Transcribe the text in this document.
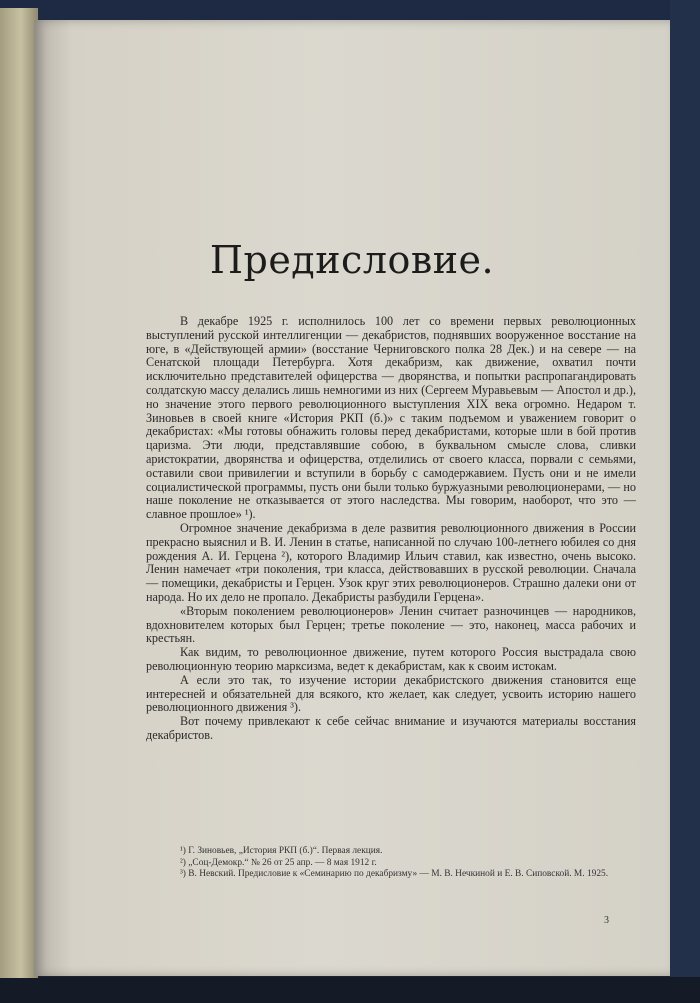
Предисловие.

В декабре 1925 г. исполнилось 100 лет со времени первых революционных выступлений русской интеллигенции — декабристов, поднявших вооруженное восстание на юге, в «Действующей армии» (восстание Черниговского полка 28 Дек.) и на севере — на Сенатской площади Петербурга. Хотя декабризм, как движение, охватил почти исключительно представителей офицерства — дворянства, и попытки распропагандировать солдатскую массу делались лишь немногими из них (Сергеем Муравьевым — Апостол и др.), но значение этого первого революционного выступления XIX века огромно. Недаром т. Зиновьев в своей книге «История РКП (б.)» с таким подъемом и уважением говорит о декабристах: «Мы готовы обнажить головы перед декабристами, которые шли в бой против царизма. Эти люди, представлявшие собою, в буквальном смысле слова, сливки аристократии, дворянства и офицерства, отделились от своего класса, порвали с семьями, оставили свои привилегии и вступили в борьбу с самодержавием. Пусть они и не имели социалистической программы, пусть они были только буржуазными революционерами, — но наше поколение не отказывается от этого наследства. Мы говорим, наоборот, что это — славное прошлое» ¹).

Огромное значение декабризма в деле развития революционного движения в России прекрасно выяснил и В. И. Ленин в статье, написанной по случаю 100-летнего юбилея со дня рождения А. И. Герцена ²), которого Владимир Ильич ставил, как известно, очень высоко. Ленин намечает «три поколения, три класса, действовавших в русской революции. Сначала — помещики, декабристы и Герцен. Узок круг этих революционеров. Страшно далеки они от народа. Но их дело не пропало. Декабристы разбудили Герцена».

«Вторым поколением революционеров» Ленин считает разночинцев — народников, вдохновителем которых был Герцен; третье поколение — это, наконец, масса рабочих и крестьян.

Как видим, то революционное движение, путем которого Россия выстрадала свою революционную теорию марксизма, ведет к декабристам, как к своим истокам.

А если это так, то изучение истории декабристского движения становится еще интересней и обязательней для всякого, кто желает, как следует, усвоить историю нашего революционного движения ³).

Вот почему привлекают к себе сейчас внимание и изучаются материалы восстания декабристов.

¹) Г. Зиновьев, „История РКП (б.)“. Первая лекция.

²) „Соц-Демокр.“ № 26 от 25 апр. — 8 мая 1912 г.

³) В. Невский. Предисловие к «Семинарию по декабризму» — М. В. Нечкиной и Е. В. Сиповской. М. 1925.

3
